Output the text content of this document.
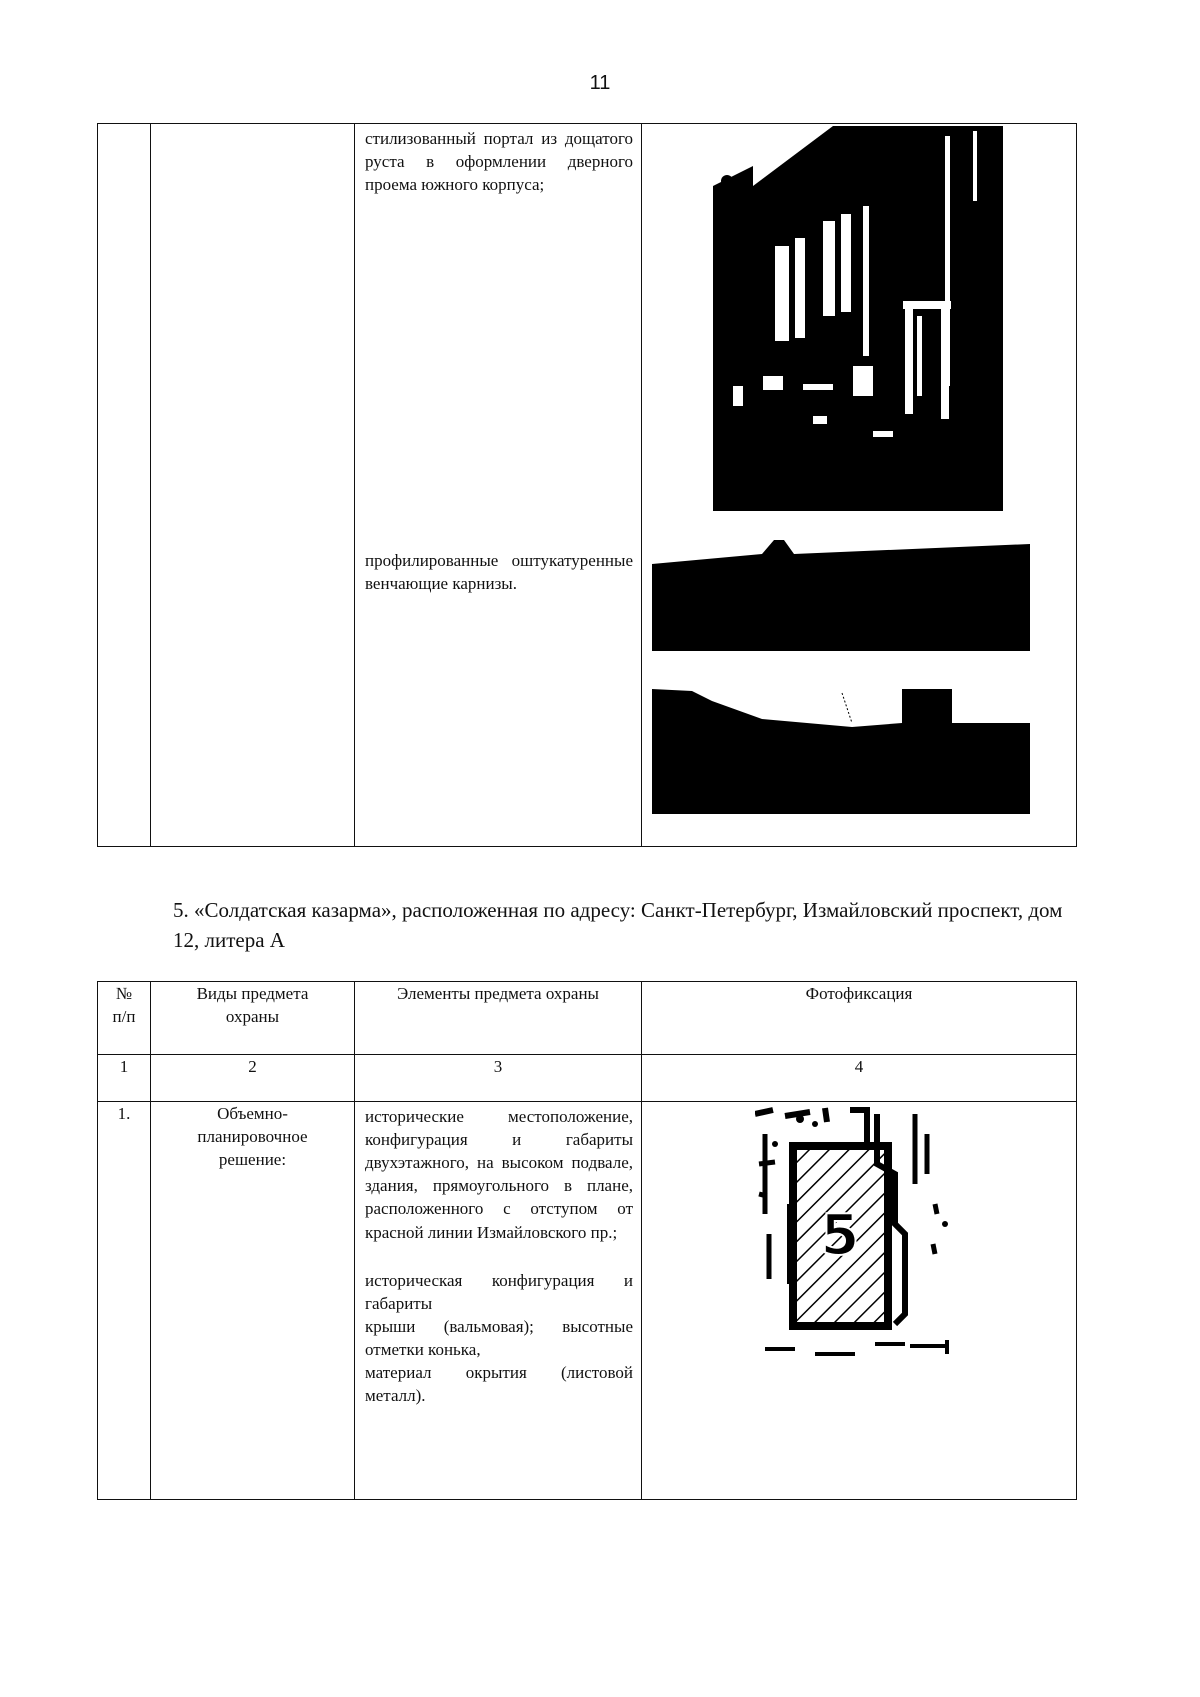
11

стилизованный портал из дощатого руста в оформлении дверного проема южного корпуса;
профилированные оштукатуренные венчающие карнизы.

5. «Солдатская казарма», расположенная по адресу: Санкт-Петербург, Измайловский проспект, дом 12, литера А
№
п/п	Виды предмета охраны	Элементы предмета охраны	Фотофиксация
1	2	3	4
1.	Объемно-планировочное решение:	исторические местоположение, конфигурация и габариты двухэтажного, на высоком подвале, здания, прямоугольного в плане, расположенного с отступом от красной линии Измайловского пр.;
историческая конфигурация и габариты
крыши (вальмовая); высотные отметки конька,
материал окрытия (листовой металл).	5
